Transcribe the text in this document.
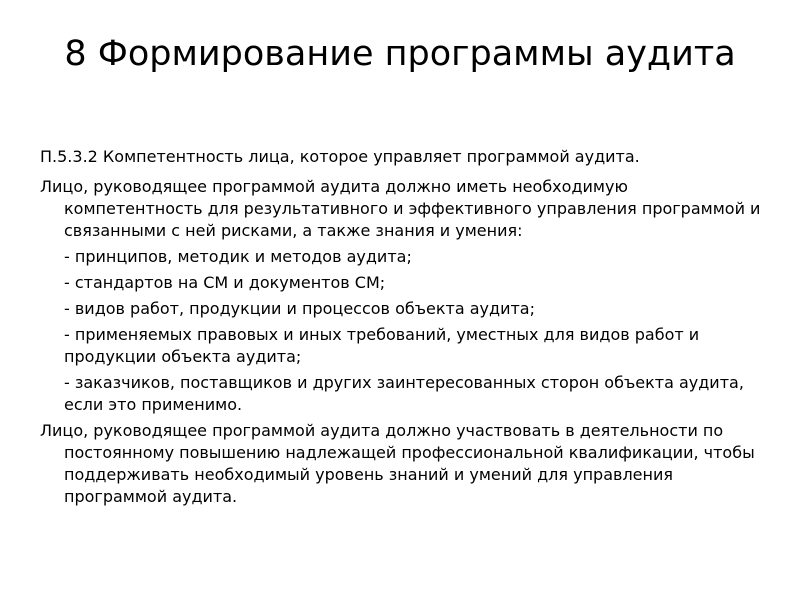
8 Формирование программы аудита

П.5.3.2 Компетентность лица, которое управляет программой аудита.

Лицо, руководящее программой аудита должно иметь необходимую компетентность для результативного и эффективного управления программой и связанными с ней рисками, а также знания и умения:

- принципов, методик и методов аудита;

- стандартов на СМ и документов СМ;

- видов работ, продукции и процессов объекта аудита;

- применяемых правовых и иных требований, уместных для видов работ и продукции объекта аудита;

- заказчиков, поставщиков и других заинтересованных сторон объекта аудита, если это применимо.

Лицо, руководящее программой аудита должно участвовать в деятельности по постоянному повышению надлежащей профессиональной квалификации, чтобы поддерживать необходимый уровень знаний и умений для управления программой аудита.
